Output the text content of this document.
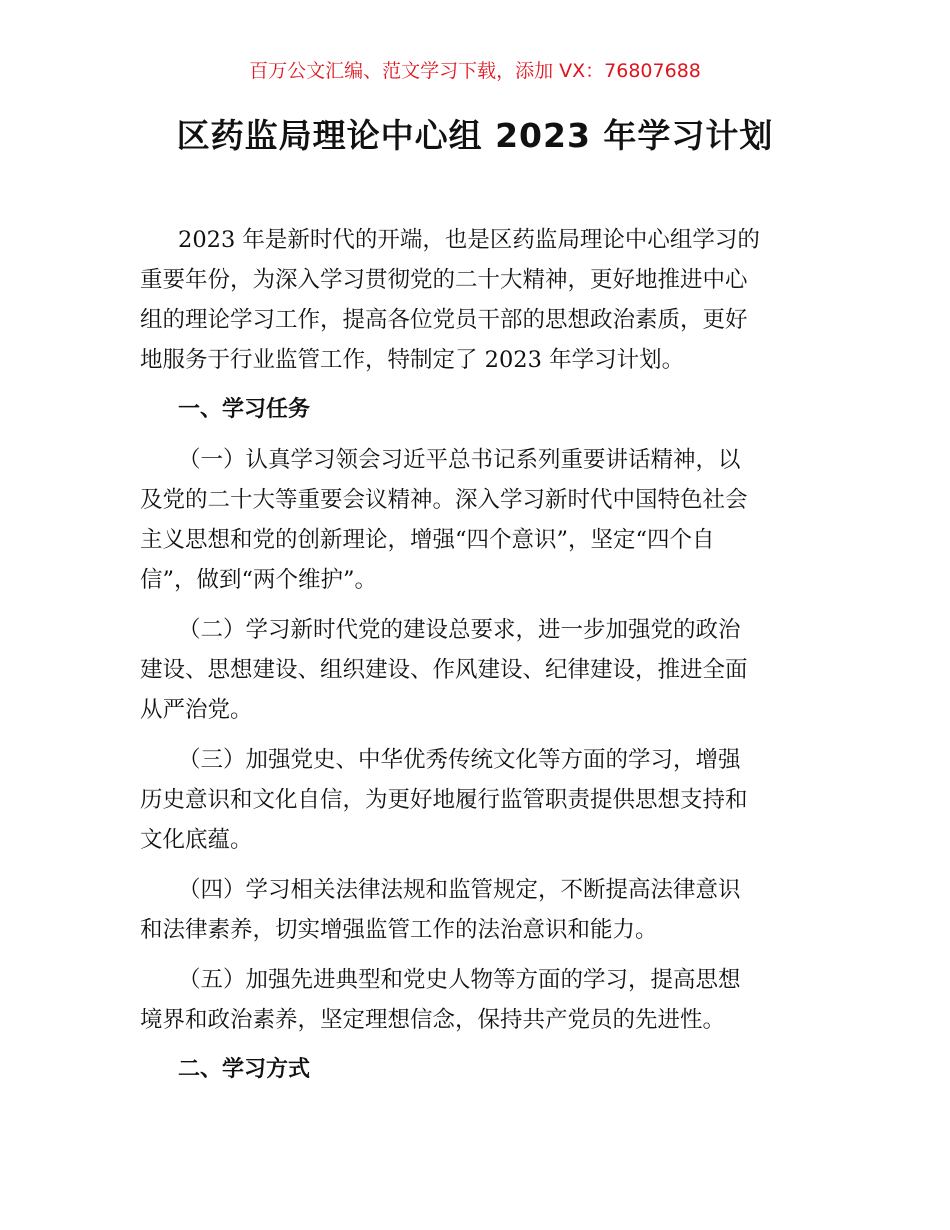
百万公文汇编、范文学习下载，添加 VX：76807688
区药监局理论中心组 2023 年学习计划
2023 年是新时代的开端，也是区药监局理论中心组学习的
重要年份，为深入学习贯彻党的二十大精神，更好地推进中心
组的理论学习工作，提高各位党员干部的思想政治素质，更好
地服务于行业监管工作，特制定了 2023 年学习计划。
一、学习任务
（一）认真学习领会习近平总书记系列重要讲话精神，以
及党的二十大等重要会议精神。深入学习新时代中国特色社会
主义思想和党的创新理论，增强“四个意识”，坚定“四个自
信”，做到“两个维护”。
（二）学习新时代党的建设总要求，进一步加强党的政治
建设、思想建设、组织建设、作风建设、纪律建设，推进全面
从严治党。
（三）加强党史、中华优秀传统文化等方面的学习，增强
历史意识和文化自信，为更好地履行监管职责提供思想支持和
文化底蕴。
（四）学习相关法律法规和监管规定，不断提高法律意识
和法律素养，切实增强监管工作的法治意识和能力。
（五）加强先进典型和党史人物等方面的学习，提高思想
境界和政治素养，坚定理想信念，保持共产党员的先进性。
二、学习方式
